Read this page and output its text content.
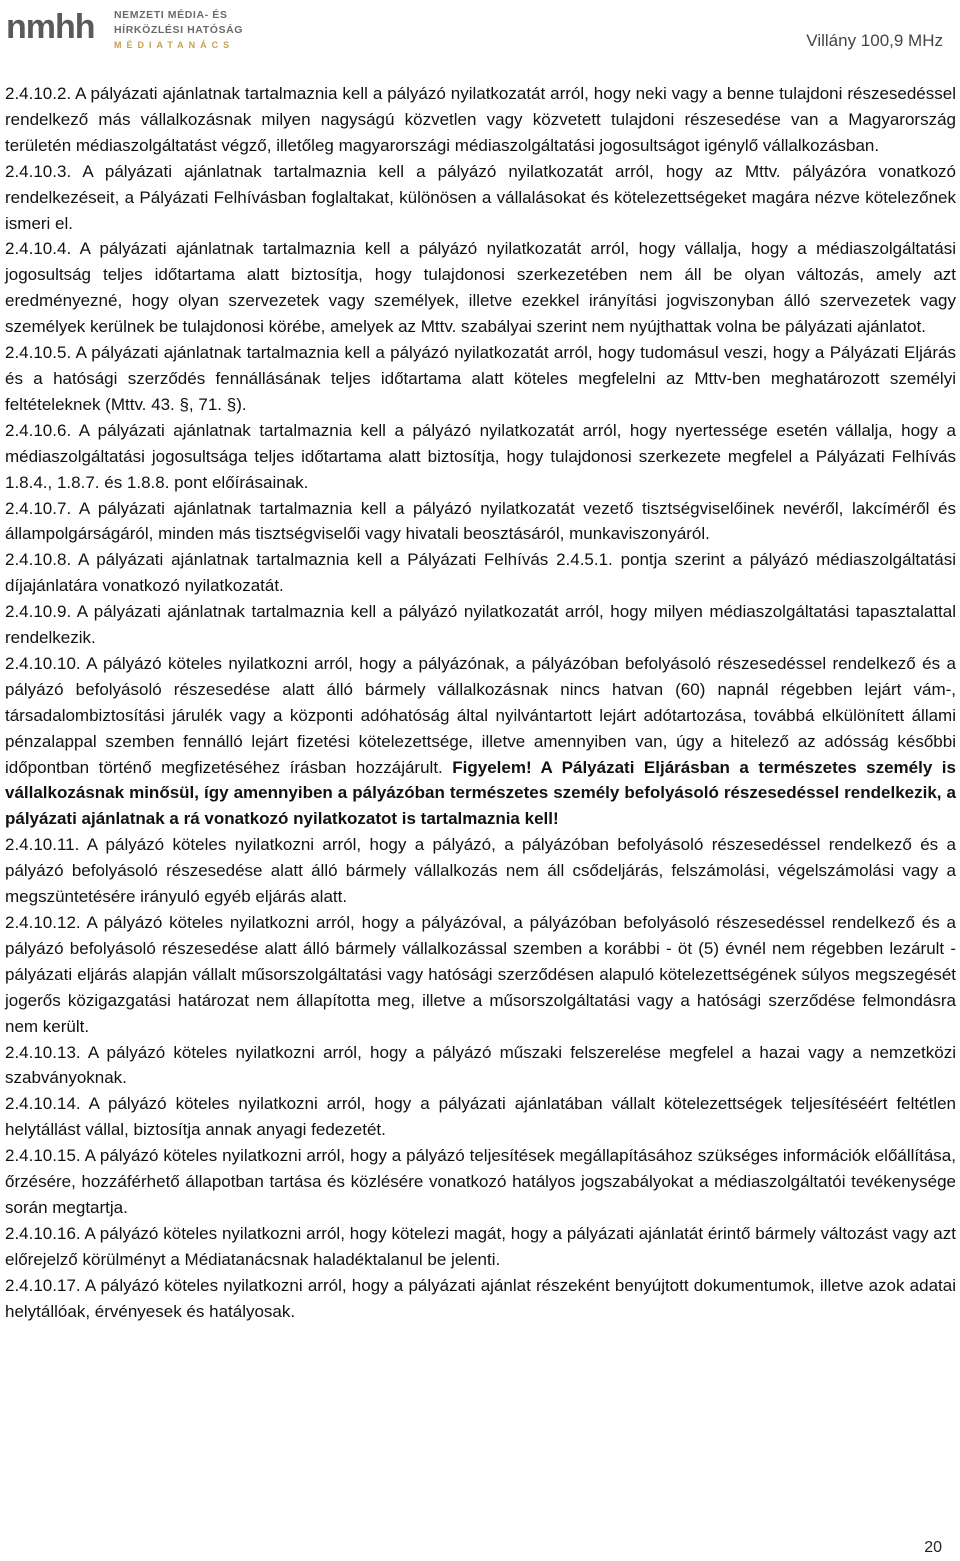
nmhh NEMZETI MÉDIA- ÉS
HÍRKÖZLÉSI HATÓSÁG
MÉDIATANÁCS	Villány 100,9 MHz

2.4.10.2. A pályázati ajánlatnak tartalmaznia kell a pályázó nyilatkozatát arról, hogy neki vagy a benne tulajdoni részesedéssel rendelkező más vállalkozásnak milyen nagyságú közvetlen vagy közvetett tulajdoni részesedése van a Magyarország területén médiaszolgáltatást végző, illetőleg magyarországi médiaszolgáltatási jogosultságot igénylő vállalkozásban.

2.4.10.3. A pályázati ajánlatnak tartalmaznia kell a pályázó nyilatkozatát arról, hogy az Mttv. pályázóra vonatkozó rendelkezéseit, a Pályázati Felhívásban foglaltakat, különösen a vállalásokat és kötelezettségeket magára nézve kötelezőnek ismeri el.

2.4.10.4. A pályázati ajánlatnak tartalmaznia kell a pályázó nyilatkozatát arról, hogy vállalja, hogy a médiaszolgáltatási jogosultság teljes időtartama alatt biztosítja, hogy tulajdonosi szerkezetében nem áll be olyan változás, amely azt eredményezné, hogy olyan szervezetek vagy személyek, illetve ezekkel irányítási jogviszonyban álló szervezetek vagy személyek kerülnek be tulajdonosi körébe, amelyek az Mttv. szabályai szerint nem nyújthattak volna be pályázati ajánlatot.

2.4.10.5. A pályázati ajánlatnak tartalmaznia kell a pályázó nyilatkozatát arról, hogy tudomásul veszi, hogy a Pályázati Eljárás és a hatósági szerződés fennállásának teljes időtartama alatt köteles megfelelni az Mttv-ben meghatározott személyi feltételeknek (Mttv. 43. §, 71. §).

2.4.10.6. A pályázati ajánlatnak tartalmaznia kell a pályázó nyilatkozatát arról, hogy nyertessége esetén vállalja, hogy a médiaszolgáltatási jogosultsága teljes időtartama alatt biztosítja, hogy tulajdonosi szerkezete megfelel a Pályázati Felhívás 1.8.4., 1.8.7. és 1.8.8. pont előírásainak.

2.4.10.7. A pályázati ajánlatnak tartalmaznia kell a pályázó nyilatkozatát vezető tisztségviselőinek nevéről, lakcíméről és állampolgárságáról, minden más tisztségviselői vagy hivatali beosztásáról, munkaviszonyáról.

2.4.10.8. A pályázati ajánlatnak tartalmaznia kell a Pályázati Felhívás 2.4.5.1. pontja szerint a pályázó médiaszolgáltatási díjajánlatára vonatkozó nyilatkozatát.

2.4.10.9. A pályázati ajánlatnak tartalmaznia kell a pályázó nyilatkozatát arról, hogy milyen médiaszolgáltatási tapasztalattal rendelkezik.

2.4.10.10. A pályázó köteles nyilatkozni arról, hogy a pályázónak, a pályázóban befolyásoló részesedéssel rendelkező és a pályázó befolyásoló részesedése alatt álló bármely vállalkozásnak nincs hatvan (60) napnál régebben lejárt vám-, társadalombiztosítási járulék vagy a központi adóhatóság által nyilvántartott lejárt adótartozása, továbbá elkülönített állami pénzalappal szemben fennálló lejárt fizetési kötelezettsége, illetve amennyiben van, úgy a hitelező az adósság későbbi időpontban történő megfizetéséhez írásban hozzájárult. Figyelem! A Pályázati Eljárásban a természetes személy is vállalkozásnak minősül, így amennyiben a pályázóban természetes személy befolyásoló részesedéssel rendelkezik, a pályázati ajánlatnak a rá vonatkozó nyilatkozatot is tartalmaznia kell!

2.4.10.11. A pályázó köteles nyilatkozni arról, hogy a pályázó, a pályázóban befolyásoló részesedéssel rendelkező és a pályázó befolyásoló részesedése alatt álló bármely vállalkozás nem áll csődeljárás, felszámolási, végelszámolási vagy a megszüntetésére irányuló egyéb eljárás alatt.

2.4.10.12. A pályázó köteles nyilatkozni arról, hogy a pályázóval, a pályázóban befolyásoló részesedéssel rendelkező és a pályázó befolyásoló részesedése alatt álló bármely vállalkozással szemben a korábbi - öt (5) évnél nem régebben lezárult - pályázati eljárás alapján vállalt műsorszolgáltatási vagy hatósági szerződésen alapuló kötelezettségének súlyos megszegését jogerős közigazgatási határozat nem állapította meg, illetve a műsorszolgáltatási vagy a hatósági szerződése felmondásra nem került.

2.4.10.13. A pályázó köteles nyilatkozni arról, hogy a pályázó műszaki felszerelése megfelel a hazai vagy a nemzetközi szabványoknak.

2.4.10.14. A pályázó köteles nyilatkozni arról, hogy a pályázati ajánlatában vállalt kötelezettségek teljesítéséért feltétlen helytállást vállal, biztosítja annak anyagi fedezetét.

2.4.10.15. A pályázó köteles nyilatkozni arról, hogy a pályázó teljesítések megállapításához szükséges információk előállítása, őrzésére, hozzáférhető állapotban tartása és közlésére vonatkozó hatályos jogszabályokat a médiaszolgáltatói tevékenysége során megtartja.

2.4.10.16. A pályázó köteles nyilatkozni arról, hogy kötelezi magát, hogy a pályázati ajánlatát érintő bármely változást vagy azt előrejelző körülményt a Médiatanácsnak haladéktalanul be jelenti.

2.4.10.17. A pályázó köteles nyilatkozni arról, hogy a pályázati ajánlat részeként benyújtott dokumentumok, illetve azok adatai helytállóak, érvényesek és hatályosak.

20
